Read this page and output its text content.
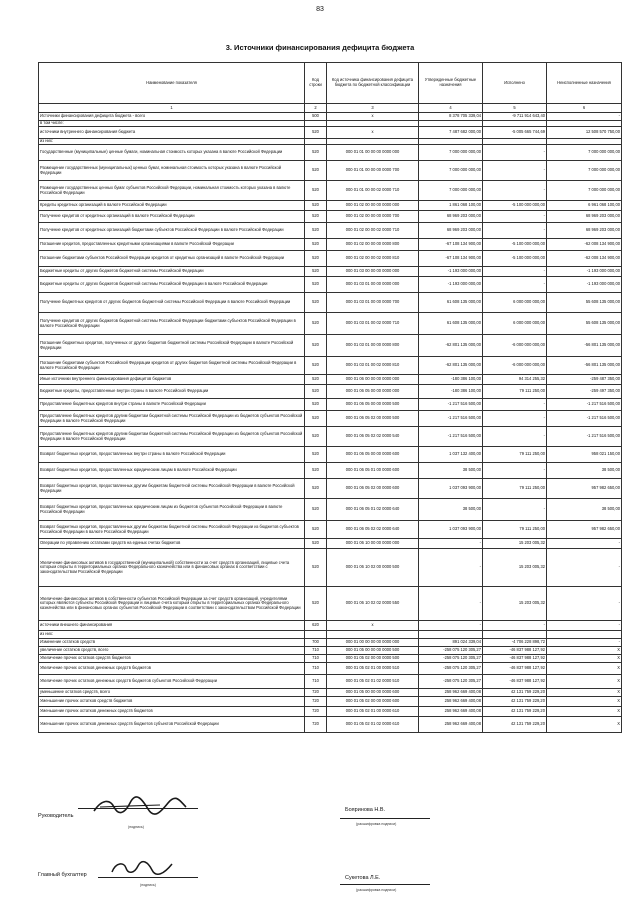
83
3. Источники финансирования дефицита бюджета
Наименование показателя	Код строки	Код источника финансирования дефицита бюджета по бюджетной классификации	Утвержденные бюджетные назначения	Исполнено	Неисполненные назначения
1	2	3	4	5	6
Источники финансирования дефицита бюджета - всего	500	х	8 378 705 339,04	-9 711 914 643,40	-
в том числе:					
источники внутреннего финансирования бюджета	520	х	7 487 682 000,00	-5 005 665 744,69	12 508 570 750,00
из них:					
Государственные (муниципальные) ценные бумаги, номинальная стоимость которых указана в валюте Российской Федерации	520	000 01 01 00 00 00 0000 000	7 000 000 000,00	-	7 000 000 000,00
Размещение государственных (муниципальных) ценных бумаг, номинальная стоимость которых указана в валюте Российской Федерации	520	000 01 01 00 00 00 0000 700	7 000 000 000,00	-	7 000 000 000,00
Размещение государственных ценных бумаг субъектов Российской Федерации, номинальная стоимость которых указана в валюте Российской Федерации	520	000 01 01 00 00 02 0000 710	7 000 000 000,00	-	7 000 000 000,00
Кредиты кредитных организаций в валюте Российской Федерации	520	000 01 02 00 00 00 0000 000	1 861 068 100,00	-5 100 000 000,00	6 961 068 100,00
Получение кредитов от кредитных организаций в валюте Российской Федерации	520	000 01 02 00 00 00 0000 700	68 969 203 000,00	-	68 969 203 000,00
Получение кредитов от кредитных организаций бюджетами субъектов Российской Федерации в валюте Российской Федерации	520	000 01 02 00 00 02 0000 710	68 969 203 000,00	-	68 969 203 000,00
Погашение кредитов, предоставленных кредитными организациями в валюте Российской Федерации	520	000 01 02 00 00 00 0000 800	-67 108 134 900,00	-5 100 000 000,00	-62 008 134 900,00
Погашение бюджетами субъектов Российской Федерации кредитов от кредитных организаций в валюте Российской Федерации	520	000 01 02 00 00 02 0000 810	-67 108 134 900,00	-5 100 000 000,00	-62 008 134 900,00
Бюджетные кредиты от других бюджетов бюджетной системы Российской Федерации	520	000 01 03 00 00 00 0000 000	-1 193 000 000,00	-	-1 193 000 000,00
Бюджетные кредиты от других бюджетов бюджетной системы Российской Федерации в валюте Российской Федерации	520	000 01 03 01 00 00 0000 000	-1 193 000 000,00	-	-1 193 000 000,00
Получение бюджетных кредитов от других бюджетов бюджетной системы Российской Федерации в валюте Российской Федерации	520	000 01 03 01 00 00 0000 700	61 608 135 000,00	6 000 000 000,00	55 608 135 000,00
Получение кредитов от других бюджетов бюджетной системы Российской Федерации бюджетами субъектов Российской Федерации в валюте Российской Федерации	520	000 01 03 01 00 02 0000 710	61 608 135 000,00	6 000 000 000,00	55 608 135 000,00
Погашение бюджетных кредитов, полученных от других бюджетов бюджетной системы Российской Федерации в валюте Российской Федерации	520	000 01 03 01 00 00 0000 800	-62 801 135 000,00	-6 000 000 000,00	-56 801 135 000,00
Погашение бюджетами субъектов Российской Федерации кредитов от других бюджетов бюджетной системы Российской Федерации в валюте Российской Федерации	520	000 01 03 01 00 02 0000 810	-62 801 135 000,00	-6 000 000 000,00	-56 801 135 000,00
Иные источники внутреннего финансирования дефицитов бюджетов	520	000 01 06 00 00 00 0000 000	-180 386 100,00	94 314 255,32	-259 487 350,00
Бюджетные кредиты, предоставленные внутри страны в валюте Российской Федерации	520	000 01 06 05 00 00 0000 000	-180 386 100,00	79 111 250,00	-259 497 350,00
Предоставление бюджетных кредитов внутри страны в валюте Российской Федерации	520	000 01 06 05 00 00 0000 500	-1 217 516 500,00	-	-1 217 516 500,00
Предоставление бюджетных кредитов другим бюджетам бюджетной системы Российской Федерации из бюджетов субъектов Российской Федерации в валюте Российской Федерации	520	000 01 06 05 02 00 0000 500	-1 217 516 500,00	-	-1 217 516 500,00
Предоставление бюджетных кредитов другим бюджетам бюджетной системы Российской Федерации из бюджетов субъектов Российской Федерации в валюте Российской Федерации	520	000 01 06 05 02 02 0000 540	-1 217 516 500,00	-	-1 217 516 500,00
Возврат бюджетных кредитов, предоставленных внутри страны в валюте Российской Федерации	520	000 01 06 05 00 00 0000 600	1 037 132 400,00	79 111 250,00	958 021 150,00
Возврат бюджетных кредитов, предоставленных юридическим лицам в валюте Российской Федерации	520	000 01 06 05 01 00 0000 600	38 500,00	-	38 500,00
Возврат бюджетных кредитов, предоставленных другим бюджетам бюджетной системы Российской Федерации в валюте Российской Федерации	520	000 01 06 05 02 00 0000 600	1 037 093 900,00	79 111 250,00	957 982 650,00
Возврат бюджетных кредитов, предоставленных юридическим лицам из бюджетов субъектов Российской Федерации в валюте Российской Федерации	520	000 01 06 05 01 02 0000 640	38 500,00	-	38 500,00
Возврат бюджетных кредитов, предоставленных другим бюджетам бюджетной системы Российской Федерации из бюджетов субъектов Российской Федерации в валюте Российской Федерации	520	000 01 06 05 02 02 0000 640	1 037 093 900,00	79 111 250,00	957 982 650,00
Операции по управлению остатками средств на единых счетах бюджетов	520	000 01 06 10 00 00 0000 000	-	15 203 005,32	-
Увеличение финансовых активов в государственной (муниципальной) собственности за счет средств организаций, лицевые счета которым открыты в территориальных органах Федерального казначейства или в финансовых органах в соответствии с законодательством Российской Федерации	520	000 01 06 10 02 00 0000 500	-	15 203 005,32	-
Увеличение финансовых активов в собственности субъектов Российской Федерации за счет средств организаций, учредителями которых являются субъекты Российской Федерации и лицевые счета которым открыты в территориальных органах Федерального казначейства или в финансовых органах субъектов Российской Федерации в соответствии с законодательством Российской Федерации	520	000 01 06 10 02 02 0000 550	-	15 203 005,32	-
источники внешнего финансирования	620	х	-	-	-
из них:					
Изменение остатков средств	700	000 01 00 00 00 00 0000 000	891 024 339,04	-4 706 228 898,72	-
увеличение остатков средств, всего	710	000 01 05 00 00 00 0000 500	-258 075 120 305,27	-46 837 988 127,92	Х
Увеличение прочих остатков средств бюджетов	710	000 01 05 02 00 00 0000 500	-258 075 120 305,27	-46 837 988 127,92	Х
Увеличение прочих остатков денежных средств бюджетов	710	000 01 05 02 01 00 0000 510	-258 075 120 305,27	-46 837 988 127,92	Х
Увеличение прочих остатков денежных средств бюджетов субъектов Российской Федерации	710	000 01 05 02 01 02 0000 510	-258 075 120 305,27	-46 837 988 127,92	Х
уменьшение остатков средств, всего	720	000 01 05 00 00 00 0000 600	258 962 669 400,08	42 131 759 229,20	Х
Уменьшение прочих остатков средств бюджетов	720	000 01 05 02 00 00 0000 600	258 962 669 400,08	42 131 759 229,20	Х
Уменьшение прочих остатков денежных средств бюджетов	720	000 01 05 02 01 00 0000 610	258 962 669 400,08	42 131 759 229,20	Х
Уменьшение прочих остатков денежных средств бюджетов субъектов Российской Федерации	720	000 01 05 02 01 02 0000 610	258 962 669 400,08	42 131 759 229,20	Х
Руководитель
(подпись)
Бояринова Н.В.
(расшифровка подписи)
Главный бухгалтер
(подпись)
Сукетова Л.Е.
(расшифровка подписи)
